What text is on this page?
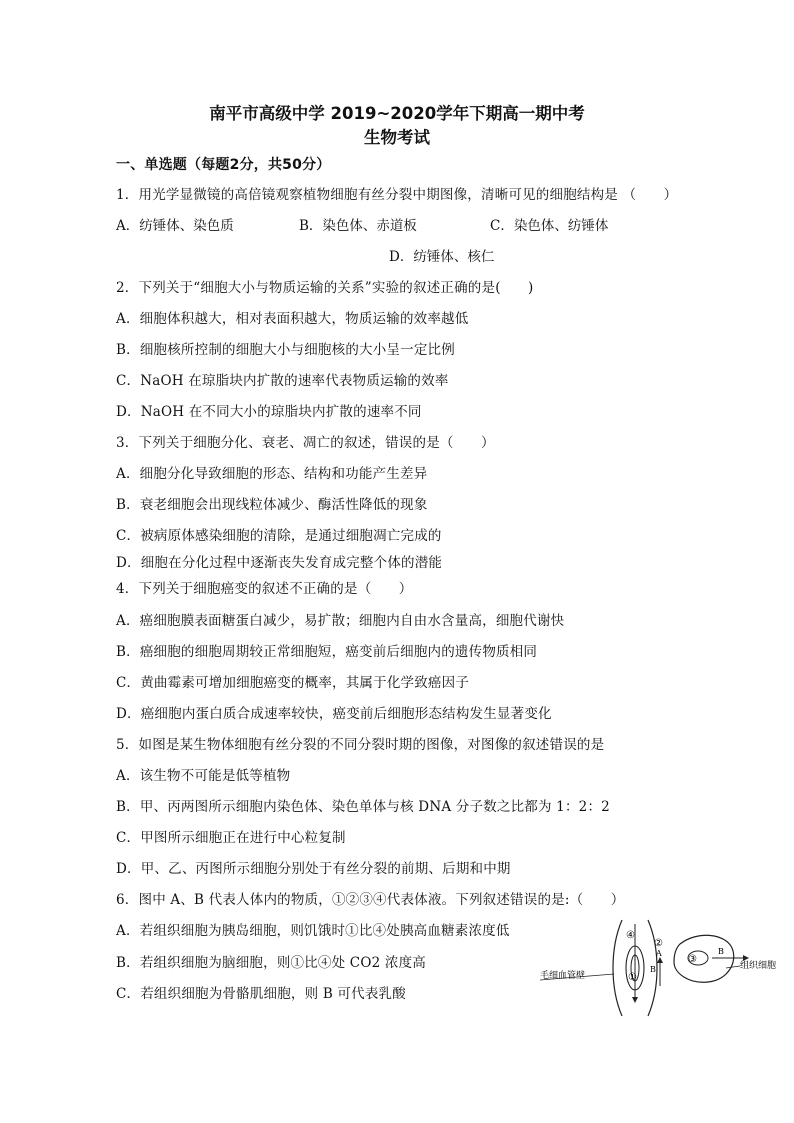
南平市高级中学 2019~2020学年下期高一期中考
生物考试
一、单选题（每题2分，共50分）
1．用光学显微镜的高倍镜观察植物细胞有丝分裂中期图像，清晰可见的细胞结构是 （　　）
A．纺锤体、染色质	B．染色体、赤道板	C．染色体、纺锤体
D．纺锤体、核仁
2．下列关于“细胞大小与物质运输的关系”实验的叙述正确的是(　　)
A．细胞体积越大，相对表面积越大，物质运输的效率越低
B．细胞核所控制的细胞大小与细胞核的大小呈一定比例
C．NaOH 在琼脂块内扩散的速率代表物质运输的效率
D．NaOH 在不同大小的琼脂块内扩散的速率不同
3．下列关于细胞分化、衰老、凋亡的叙述，错误的是（　　）
A．细胞分化导致细胞的形态、结构和功能产生差异
B．衰老细胞会出现线粒体减少、酶活性降低的现象
C．被病原体感染细胞的清除，是通过细胞凋亡完成的
D．细胞在分化过程中逐渐丧失发育成完整个体的潜能
4．下列关于细胞癌变的叙述不正确的是（　　）
A．癌细胞膜表面糖蛋白减少，易扩散；细胞内自由水含量高，细胞代谢快
B．癌细胞的细胞周期较正常细胞短，癌变前后细胞内的遗传物质相同
C．黄曲霉素可增加细胞癌变的概率，其属于化学致癌因子
D．癌细胞内蛋白质合成速率较快，癌变前后细胞形态结构发生显著变化
5．如图是某生物体细胞有丝分裂的不同分裂时期的图像，对图像的叙述错误的是
A．该生物不可能是低等植物
B．甲、丙两图所示细胞内染色体、染色单体与核 DNA 分子数之比都为 1：2：2
C．甲图所示细胞正在进行中心粒复制
D．甲、乙、丙图所示细胞分别处于有丝分裂的前期、后期和中期
6．图中 A、B 代表人体内的物质，①②③④代表体液。下列叙述错误的是:（　　）
A．若组织细胞为胰岛细胞，则饥饿时①比④处胰高血糖素浓度低
B．若组织细胞为脑细胞，则①比④处 CO2 浓度高
C．若组织细胞为骨骼肌细胞，则 B 可代表乳酸
④
①
②
③
A
B
B
毛细血管壁
组织细胞
